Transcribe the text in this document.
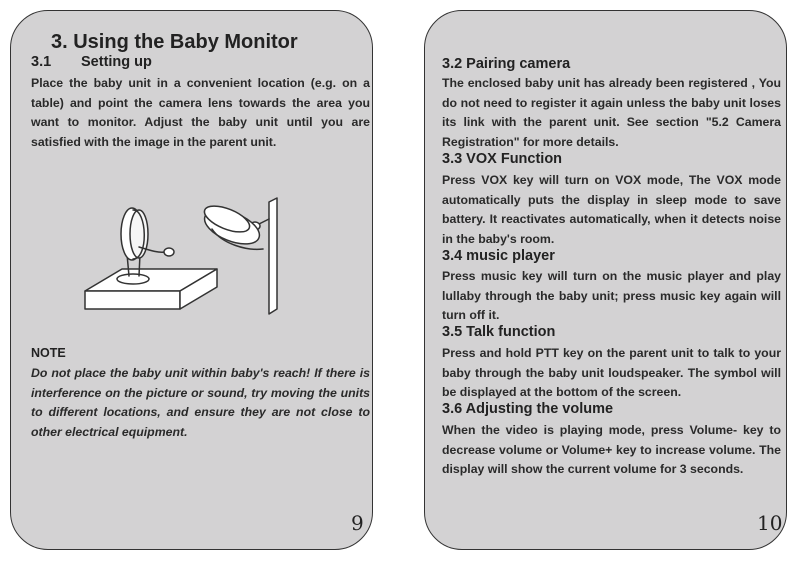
3. Using the Baby Monitor
3.1 Setting up
Place the baby unit in a convenient location (e.g. on a table) and point the camera lens towards the area you want to monitor. Adjust the baby unit until you are satisfied with the image in the parent unit.
NOTE
Do not place the baby unit within baby's reach! If there is interference on the picture or sound, try moving the units to different locations, and ensure they are not close to other electrical equipment.
9
3.2 Pairing camera
The enclosed baby unit has already been registered , You do not need to register it again unless the baby unit loses its link with the parent unit. See section "5.2 Camera Registration" for more details.
3.3 VOX Function
Press VOX key will turn on VOX mode, The VOX mode automatically puts the display in sleep mode to save battery. It reactivates automatically, when it detects noise in the baby's room.
3.4 music player
Press music key will turn on the music player and play lullaby through the baby unit; press music key again will turn off it.
3.5 Talk function
Press and hold PTT key on the parent unit to talk to your baby through the baby unit loudspeaker. The symbol will be displayed at the bottom of the screen.
3.6 Adjusting the volume
When the video is playing mode, press Volume- key to decrease volume or Volume+ key to increase volume. The display will show the current volume for 3 seconds.
10
